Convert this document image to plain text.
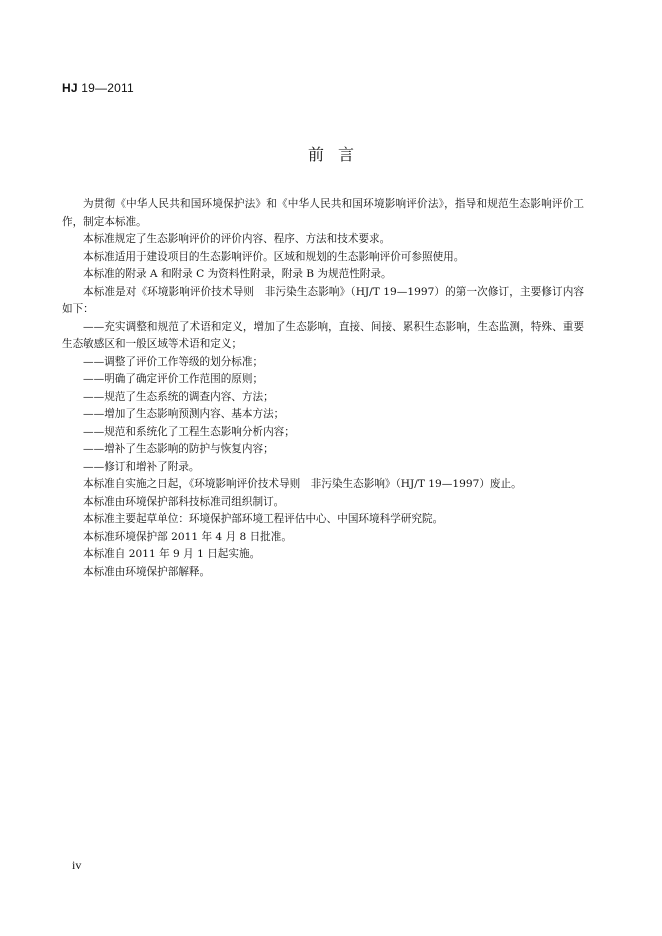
HJ 19—2011
前言

为贯彻《中华人民共和国环境保护法》和《中华人民共和国环境影响评价法》，指导和规范生态影响评价工作，制定本标准。

本标准规定了生态影响评价的评价内容、程序、方法和技术要求。

本标准适用于建设项目的生态影响评价。区域和规划的生态影响评价可参照使用。

本标准的附录 A 和附录 C 为资料性附录，附录 B 为规范性附录。

本标准是对《环境影响评价技术导则　非污染生态影响》（HJ/T 19—1997）的第一次修订，主要修订内容如下：

——充实调整和规范了术语和定义，增加了生态影响，直接、间接、累积生态影响，生态监测，特殊、重要生态敏感区和一般区域等术语和定义；

——调整了评价工作等级的划分标准；

——明确了确定评价工作范围的原则；

——规范了生态系统的调查内容、方法；

——增加了生态影响预测内容、基本方法；

——规范和系统化了工程生态影响分析内容；

——增补了生态影响的防护与恢复内容；

——修订和增补了附录。

本标准自实施之日起，《环境影响评价技术导则　非污染生态影响》（HJ/T 19—1997）废止。

本标准由环境保护部科技标准司组织制订。

本标准主要起草单位：环境保护部环境工程评估中心、中国环境科学研究院。

本标准环境保护部 2011 年 4 月 8 日批准。

本标准自 2011 年 9 月 1 日起实施。

本标准由环境保护部解释。

iv
